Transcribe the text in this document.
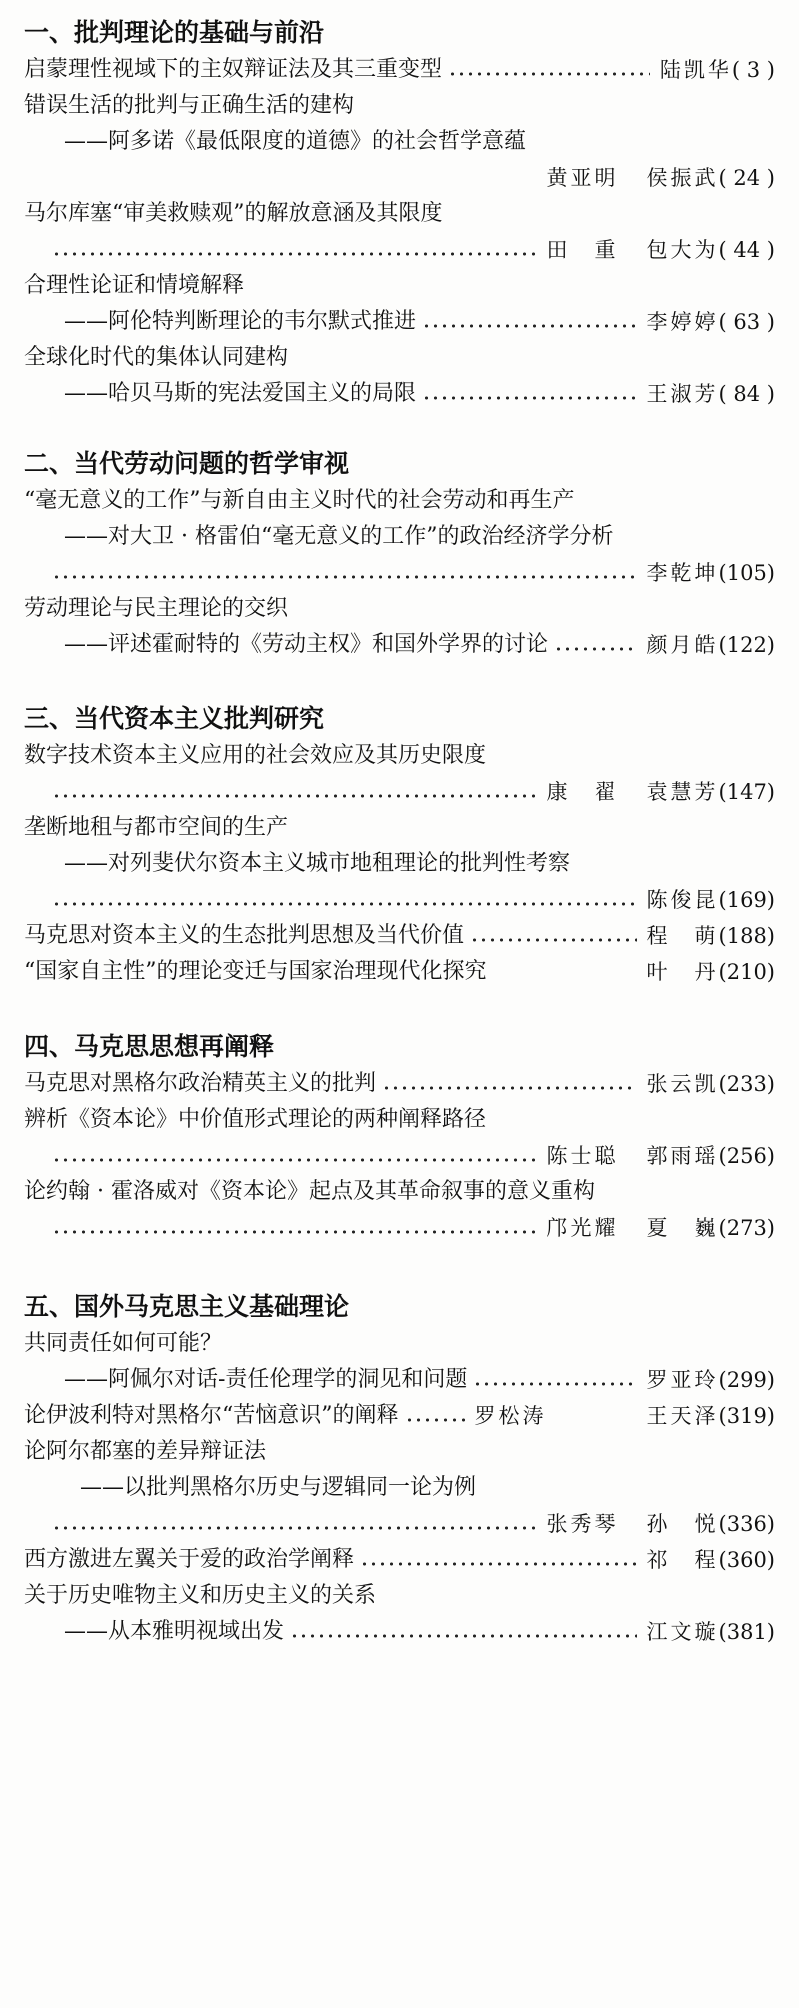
一、批判理论的基础与前沿
启蒙理性视域下的主奴辩证法及其三重变型	陆凯华 ( 3 )
错误生活的批判与正确生活的建构
——阿多诺《最低限度的道德》的社会哲学意蕴
黄亚明 侯振武 ( 24 )
马尔库塞“审美救赎观”的解放意涵及其限度
田　重 包大为 ( 44 )
合理性论证和情境解释
——阿伦特判断理论的韦尔默式推进	李婷婷 ( 63 )
全球化时代的集体认同建构
——哈贝马斯的宪法爱国主义的局限	王淑芳 ( 84 )
二、当代劳动问题的哲学审视
“毫无意义的工作”与新自由主义时代的社会劳动和再生产
——对大卫 · 格雷伯“毫无意义的工作”的政治经济学分析
李乾坤 (105)
劳动理论与民主理论的交织
——评述霍耐特的《劳动主权》和国外学界的讨论	颜月皓 (122)
三、当代资本主义批判研究
数字技术资本主义应用的社会效应及其历史限度
康　翟 袁慧芳 (147)
垄断地租与都市空间的生产
——对列斐伏尔资本主义城市地租理论的批判性考察
陈俊昆 (169)
马克思对资本主义的生态批判思想及当代价值	程　萌 (188)
“国家自主性”的理论变迁与国家治理现代化探究	叶　丹 (210)
四、马克思思想再阐释
马克思对黑格尔政治精英主义的批判	张云凯 (233)
辨析《资本论》中价值形式理论的两种阐释路径
陈士聪 郭雨瑶 (256)
论约翰 · 霍洛威对《资本论》起点及其革命叙事的意义重构
邝光耀 夏　巍 (273)
五、国外马克思主义基础理论
共同责任如何可能？
——阿佩尔对话-责任伦理学的洞见和问题	罗亚玲 (299)
论伊波利特对黑格尔“苦恼意识”的阐释	罗松涛	王天泽 (319)
论阿尔都塞的差异辩证法
——以批判黑格尔历史与逻辑同一论为例
张秀琴 孙　悦 (336)
西方激进左翼关于爱的政治学阐释	祁　程 (360)
关于历史唯物主义和历史主义的关系
——从本雅明视域出发	江文璇 (381)
